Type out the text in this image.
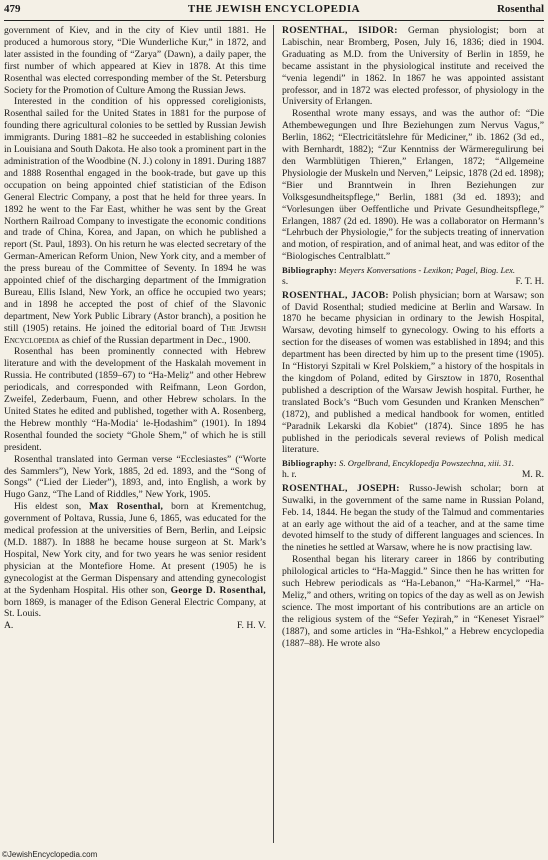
479	THE JEWISH ENCYCLOPEDIA	Rosenthal

government of Kiev, and in the city of Kiev until 1881. He produced a humorous story, “Die Wunderliche Kur,” in 1872, and later assisted in the founding of “Zarya” (Dawn), a daily paper, the first number of which appeared at Kiev in 1878. At this time Rosenthal was elected corresponding member of the St. Petersburg Society for the Promotion of Culture Among the Russian Jews.

Interested in the condition of his oppressed coreligionists, Rosenthal sailed for the United States in 1881 for the purpose of founding there agricultural colonies to be settled by Russian Jewish immigrants. During 1881–82 he succeeded in establishing colonies in Louisiana and South Dakota. He also took a prominent part in the administration of the Woodbine (N. J.) colony in 1891. During 1887 and 1888 Rosenthal engaged in the book-trade, but gave up this occupation on being appointed chief statistician of the Edison General Electric Company, a post that he held for three years. In 1892 he went to the Far East, whither he was sent by the Great Northern Railroad Company to investigate the economic conditions and trade of China, Korea, and Japan, on which he published a report (St. Paul, 1893). On his return he was elected secretary of the German-American Reform Union, New York city, and a member of the press bureau of the Committee of Seventy. In 1894 he was appointed chief of the discharging department of the Immigration Bureau, Ellis Island, New York, an office he occupied two years; and in 1898 he accepted the post of chief of the Slavonic department, New York Public Library (Astor branch), a position he still (1905) retains. He joined the editorial board of The Jewish Encyclopedia as chief of the Russian department in Dec., 1900.

Rosenthal has been prominently connected with Hebrew literature and with the development of the Haskalah movement in Russia. He contributed (1859–67) to “Ha-Meliẓ” and other Hebrew periodicals, and corresponded with Reifmann, Leon Gordon, Zweifel, Zederbaum, Fuenn, and other Hebrew scholars. In the United States he edited and published, together with A. Rosenberg, the Hebrew monthly “Ha-Modia‘ le-Ḥodashim” (1901). In 1894 Rosenthal founded the society “Ghole Shem,” of which he is still president.

Rosenthal translated into German verse “Ecclesiastes” (“Worte des Sammlers”), New York, 1885, 2d ed. 1893, and the “Song of Songs” (“Lied der Lieder”), 1893, and, into English, a work by Hugo Ganz, “The Land of Riddles,” New York, 1905.

His eldest son, Max Rosenthal, born at Krementchug, government of Poltava, Russia, June 6, 1865, was educated for the medical profession at the universities of Bern, Berlin, and Leipsic (M.D. 1887). In 1888 he became house surgeon at St. Mark’s Hospital, New York city, and for two years he was senior resident physician at the Montefiore Home. At present (1905) he is gynecologist at the German Dispensary and attending gynecologist at the Sydenham Hospital. His other son, George D. Rosenthal, born 1869, is manager of the Edison General Electric Company, at St. Louis.

A.	F. H. V.

ROSENTHAL, ISIDOR: German physiologist; born at Labischin, near Bromberg, Posen, July 16, 1836; died in 1904. Graduating as M.D. from the University of Berlin in 1859, he became assistant in the physiological institute and received the “venia legendi” in 1862. In 1867 he was appointed assistant professor, and in 1872 was elected professor, of physiology in the University of Erlangen.

Rosenthal wrote many essays, and was the author of: “Die Athembewegungen und Ihre Beziehungen zum Nervus Vagus,” Berlin, 1862; “Electricitätslehre für Mediciner,” ib. 1862 (3d ed., with Bernhardt, 1882); “Zur Kenntniss der Wärmeregulirung bei den Warmblütigen Thieren,” Erlangen, 1872; “Allgemeine Physiologie der Muskeln und Nerven,” Leipsic, 1878 (2d ed. 1898); “Bier und Branntwein in Ihren Beziehungen zur Volksgesundheitspflege,” Berlin, 1881 (3d ed. 1893); and “Vorlesungen über Oeffentliche und Private Gesundheitspflege,” Erlangen, 1887 (2d ed. 1890). He was a collaborator on Hermann’s “Lehrbuch der Physiologie,” for the subjects treating of innervation and motion, of respiration, and of animal heat, and was editor of the “Biologisches Centralblatt.”

Bibliography: Meyers Konversations - Lexikon; Pagel, Biog. Lex.

s.	F. T. H.

ROSENTHAL, JACOB: Polish physician; born at Warsaw; son of David Rosenthal; studied medicine at Berlin and Warsaw. In 1870 he became physician in ordinary to the Jewish Hospital, Warsaw, devoting himself to gynecology. Owing to his efforts a section for the diseases of women was established in 1894; and this department has been directed by him up to the present time (1905). In “Historyi Szpitali w Krel Polskiem,” a history of the hospitals in the kingdom of Poland, edited by Girsztow in 1870, Rosenthal published a description of the Warsaw Jewish hospital. Further, he translated Bock’s “Buch vom Gesunden und Kranken Menschen” (1872), and published a medical handbook for women, entitled “Paradnik Lekarski dla Kobiet” (1874). Since 1895 he has published in the periodicals several reviews of Polish medical literature.

Bibliography: S. Orgelbrand, Encyklopedja Powszechna, xiii. 31.

h. r.	M. R.

ROSENTHAL, JOSEPH: Russo-Jewish scholar; born at Suwalki, in the government of the same name in Russian Poland, Feb. 14, 1844. He began the study of the Talmud and commentaries at an early age without the aid of a teacher, and at the same time devoted himself to the study of different languages and sciences. In the nineties he settled at Warsaw, where he is now practising law.

Rosenthal began his literary career in 1866 by contributing philological articles to “Ha-Maggid.” Since then he has written for such Hebrew periodicals as “Ha-Lebanon,” “Ha-Karmel,” “Ha-Meliẓ,” and others, writing on topics of the day as well as on Jewish science. The most important of his contributions are an article on the religious system of the “Sefer Yeẓirah,” in “Keneset Yisrael” (1887), and some articles in “Ha-Eshkol,” a Hebrew encyclopedia (1887–88). He wrote also

©JewishEncyclopedia.com
